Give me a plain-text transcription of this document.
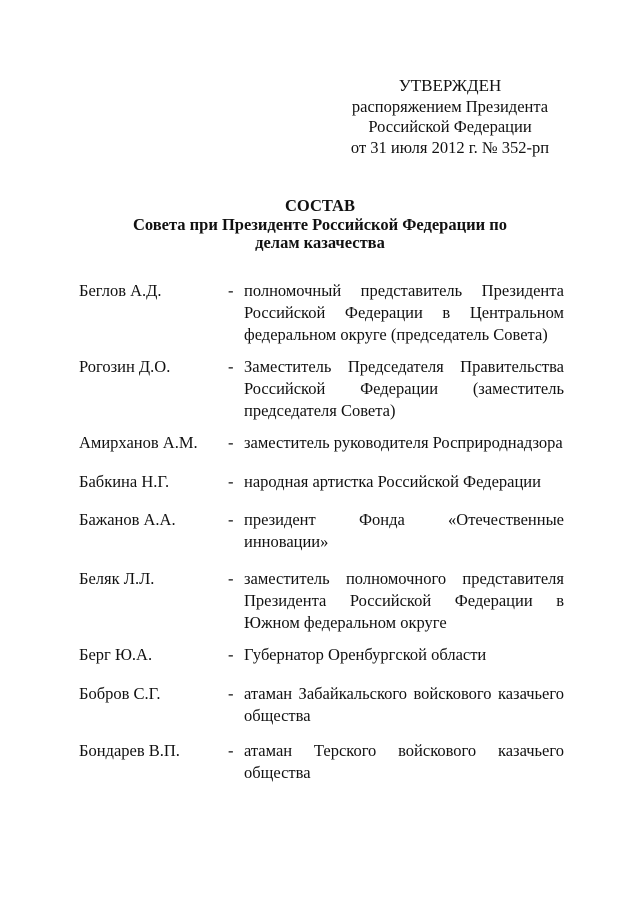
УТВЕРЖДЕН
распоряжением Президента
Российской Федерации
от 31 июля 2012 г. № 352-рп
СОСТАВ
Совета при Президенте Российской Федерации по
делам казачества
Беглов А.Д.	- полномочный представитель Президента Российской Федерации в Центральном федеральном округе (председатель Совета)
Рогозин Д.О.	- Заместитель Председателя Правительства Российской Федерации (заместитель председателя Совета)
Амирханов А.М. - заместитель руководителя Росприроднадзора
Бабкина Н.Г.	- народная артистка Российской Федерации
Бажанов А.А.	- президент Фонда «Отечественные инновации»
Беляк Л.Л.	- заместитель полномочного представителя Президента Российской Федерации в Южном федеральном округе
Берг Ю.А.	- Губернатор Оренбургской области
Бобров С.Г.	- атаман Забайкальского войскового казачьего общества
Бондарев В.П.	- атаман Терского войскового казачьего общества
